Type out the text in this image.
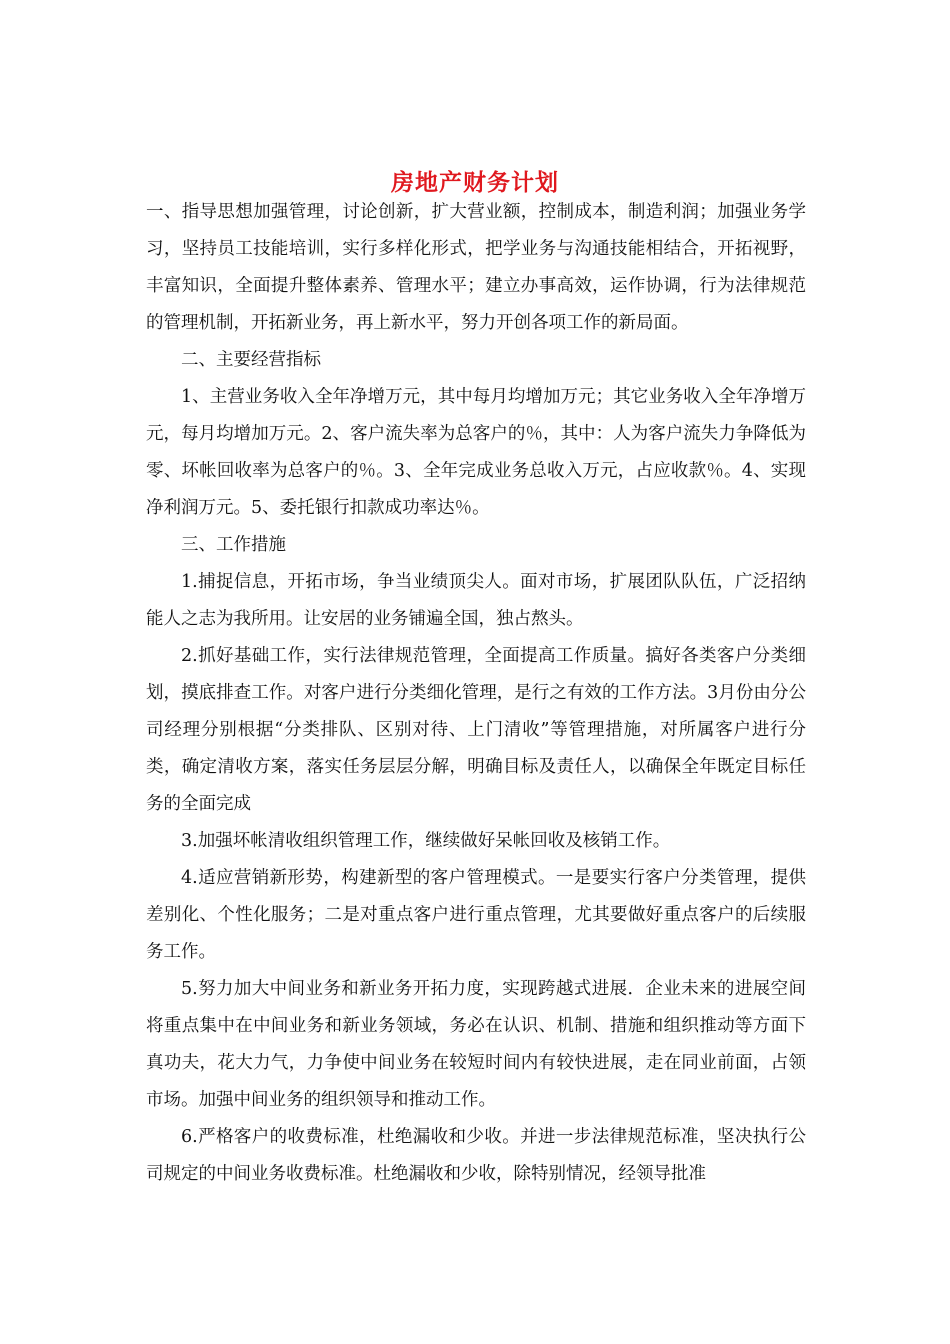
房地产财务计划

一、指导思想加强管理，讨论创新，扩大营业额，控制成本，制造利润；加强业务学习，坚持员工技能培训，实行多样化形式，把学业务与沟通技能相结合，开拓视野，丰富知识，全面提升整体素养、管理水平；建立办事高效，运作协调，行为法律规范的管理机制，开拓新业务，再上新水平，努力开创各项工作的新局面。

二、主要经营指标

1、主营业务收入全年净增万元，其中每月均增加万元；其它业务收入全年净增万元，每月均增加万元。2、客户流失率为总客户的％，其中：人为客户流失力争降低为零、坏帐回收率为总客户的％。3、全年完成业务总收入万元，占应收款％。4、实现净利润万元。5、委托银行扣款成功率达％。

三、工作措施

1.捕捉信息，开拓市场，争当业绩顶尖人。面对市场，扩展团队队伍，广泛招纳能人之志为我所用。让安居的业务铺遍全国，独占熬头。

2.抓好基础工作，实行法律规范管理，全面提高工作质量。搞好各类客户分类细划，摸底排查工作。对客户进行分类细化管理，是行之有效的工作方法。3月份由分公司经理分别根据“分类排队、区别对待、上门清收”等管理措施，对所属客户进行分类，确定清收方案，落实任务层层分解，明确目标及责任人，以确保全年既定目标任务的全面完成

3.加强坏帐清收组织管理工作，继续做好呆帐回收及核销工作。

4.适应营销新形势，构建新型的客户管理模式。一是要实行客户分类管理，提供差别化、个性化服务；二是对重点客户进行重点管理，尤其要做好重点客户的后续服务工作。

5.努力加大中间业务和新业务开拓力度，实现跨越式进展．企业未来的进展空间将重点集中在中间业务和新业务领域，务必在认识、机制、措施和组织推动等方面下真功夫，花大力气，力争使中间业务在较短时间内有较快进展，走在同业前面，占领市场。加强中间业务的组织领导和推动工作。

6.严格客户的收费标准，杜绝漏收和少收。并进一步法律规范标准，坚决执行公司规定的中间业务收费标准。杜绝漏收和少收，除特别情况，经领导批准
